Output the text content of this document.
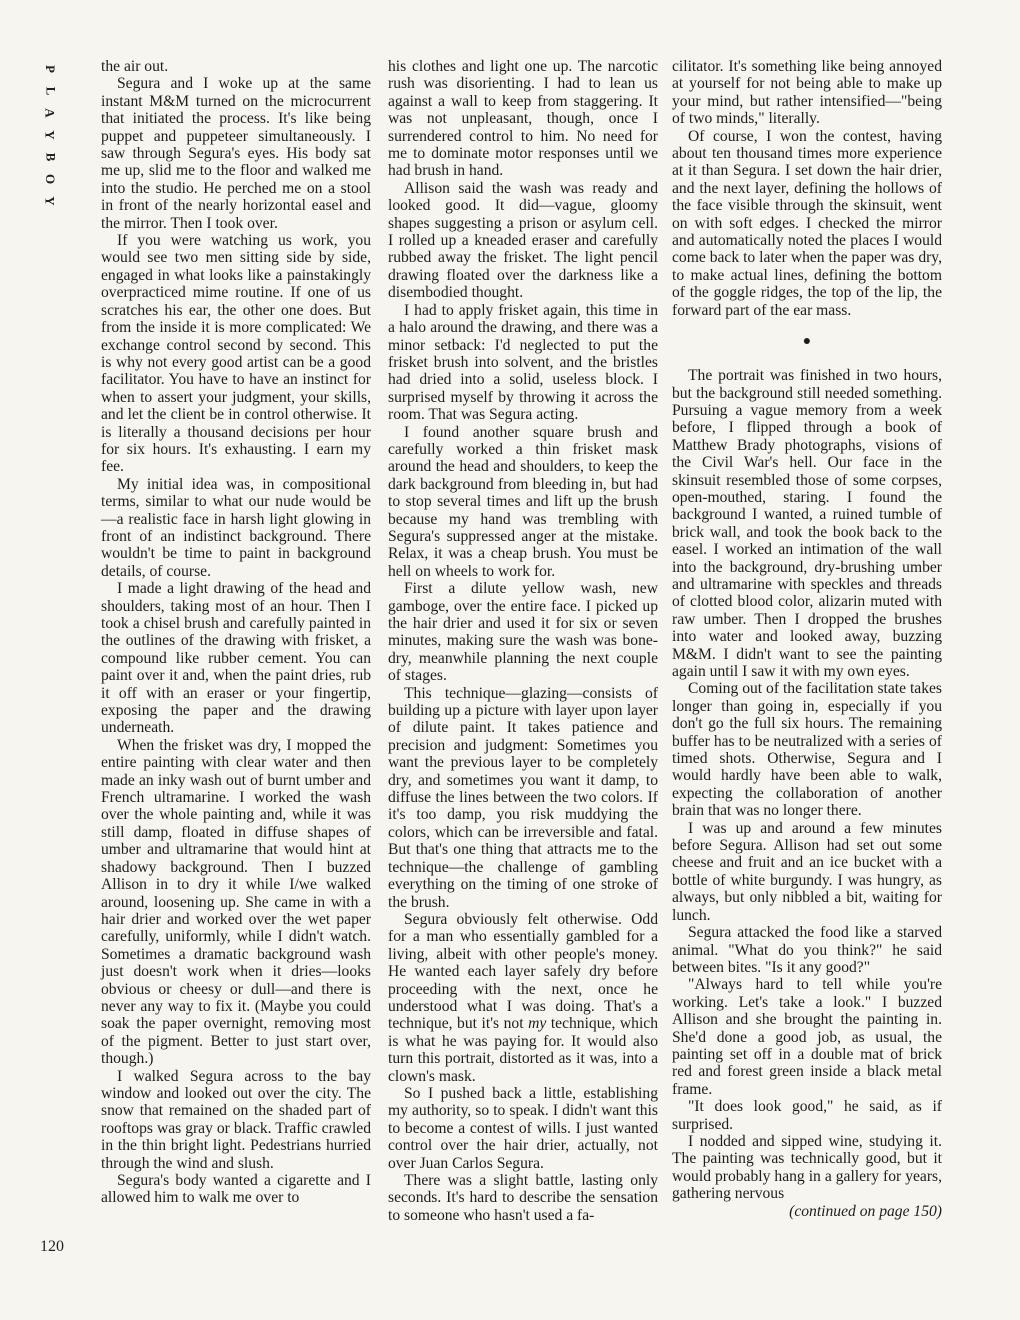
P
L
A
Y
B
O
Y
120

the air out.

Segura and I woke up at the same instant M&M turned on the microcurrent that initiated the process. It's like being puppet and puppeteer simultaneously. I saw through Segura's eyes. His body sat me up, slid me to the floor and walked me into the studio. He perched me on a stool in front of the nearly horizontal easel and the mirror. Then I took over.

If you were watching us work, you would see two men sitting side by side, engaged in what looks like a painstakingly overpracticed mime routine. If one of us scratches his ear, the other one does. But from the inside it is more complicated: We exchange control second by second. This is why not every good artist can be a good facilitator. You have to have an instinct for when to assert your judgment, your skills, and let the client be in control otherwise. It is literally a thousand decisions per hour for six hours. It's exhausting. I earn my fee.

My initial idea was, in compositional terms, similar to what our nude would be—a realistic face in harsh light glowing in front of an indistinct background. There wouldn't be time to paint in background details, of course.

I made a light drawing of the head and shoulders, taking most of an hour. Then I took a chisel brush and carefully painted in the outlines of the drawing with frisket, a compound like rubber cement. You can paint over it and, when the paint dries, rub it off with an eraser or your fingertip, exposing the paper and the drawing underneath.

When the frisket was dry, I mopped the entire painting with clear water and then made an inky wash out of burnt umber and French ultramarine. I worked the wash over the whole painting and, while it was still damp, floated in diffuse shapes of umber and ultramarine that would hint at shadowy background. Then I buzzed Allison in to dry it while I/we walked around, loosening up. She came in with a hair drier and worked over the wet paper carefully, uniformly, while I didn't watch. Sometimes a dramatic background wash just doesn't work when it dries—looks obvious or cheesy or dull—and there is never any way to fix it. (Maybe you could soak the paper overnight, removing most of the pigment. Better to just start over, though.)

I walked Segura across to the bay window and looked out over the city. The snow that remained on the shaded part of rooftops was gray or black. Traffic crawled in the thin bright light. Pedestrians hurried through the wind and slush.

Segura's body wanted a cigarette and I allowed him to walk me over to

his clothes and light one up. The narcotic rush was disorienting. I had to lean us against a wall to keep from staggering. It was not unpleasant, though, once I surrendered control to him. No need for me to dominate motor responses until we had brush in hand.

Allison said the wash was ready and looked good. It did—vague, gloomy shapes suggesting a prison or asylum cell. I rolled up a kneaded eraser and carefully rubbed away the frisket. The light pencil drawing floated over the darkness like a disembodied thought.

I had to apply frisket again, this time in a halo around the drawing, and there was a minor setback: I'd neglected to put the frisket brush into solvent, and the bristles had dried into a solid, useless block. I surprised myself by throwing it across the room. That was Segura acting.

I found another square brush and carefully worked a thin frisket mask around the head and shoulders, to keep the dark background from bleeding in, but had to stop several times and lift up the brush because my hand was trembling with Segura's suppressed anger at the mistake. Relax, it was a cheap brush. You must be hell on wheels to work for.

First a dilute yellow wash, new gamboge, over the entire face. I picked up the hair drier and used it for six or seven minutes, making sure the wash was bone-dry, meanwhile planning the next couple of stages.

This technique—glazing—consists of building up a picture with layer upon layer of dilute paint. It takes patience and precision and judgment: Sometimes you want the previous layer to be completely dry, and sometimes you want it damp, to diffuse the lines between the two colors. If it's too damp, you risk muddying the colors, which can be irreversible and fatal. But that's one thing that attracts me to the technique—the challenge of gambling everything on the timing of one stroke of the brush.

Segura obviously felt otherwise. Odd for a man who essentially gambled for a living, albeit with other people's money. He wanted each layer safely dry before proceeding with the next, once he understood what I was doing. That's a technique, but it's not my technique, which is what he was paying for. It would also turn this portrait, distorted as it was, into a clown's mask.

So I pushed back a little, establishing my authority, so to speak. I didn't want this to become a contest of wills. I just wanted control over the hair drier, actually, not over Juan Carlos Segura.

There was a slight battle, lasting only seconds. It's hard to describe the sensation to someone who hasn't used a fa-

cilitator. It's something like being annoyed at yourself for not being able to make up your mind, but rather intensified—"being of two minds," literally.

Of course, I won the contest, having about ten thousand times more experience at it than Segura. I set down the hair drier, and the next layer, defining the hollows of the face visible through the skinsuit, went on with soft edges. I checked the mirror and automatically noted the places I would come back to later when the paper was dry, to make actual lines, defining the bottom of the goggle ridges, the top of the lip, the forward part of the ear mass.

●

The portrait was finished in two hours, but the background still needed something. Pursuing a vague memory from a week before, I flipped through a book of Matthew Brady photographs, visions of the Civil War's hell. Our face in the skinsuit resembled those of some corpses, open-mouthed, staring. I found the background I wanted, a ruined tumble of brick wall, and took the book back to the easel. I worked an intimation of the wall into the background, dry-brushing umber and ultramarine with speckles and threads of clotted blood color, alizarin muted with raw umber. Then I dropped the brushes into water and looked away, buzzing M&M. I didn't want to see the painting again until I saw it with my own eyes.

Coming out of the facilitation state takes longer than going in, especially if you don't go the full six hours. The remaining buffer has to be neutralized with a series of timed shots. Otherwise, Segura and I would hardly have been able to walk, expecting the collaboration of another brain that was no longer there.

I was up and around a few minutes before Segura. Allison had set out some cheese and fruit and an ice bucket with a bottle of white burgundy. I was hungry, as always, but only nibbled a bit, waiting for lunch.

Segura attacked the food like a starved animal. "What do you think?" he said between bites. "Is it any good?"

"Always hard to tell while you're working. Let's take a look." I buzzed Allison and she brought the painting in. She'd done a good job, as usual, the painting set off in a double mat of brick red and forest green inside a black metal frame.

"It does look good," he said, as if surprised.

I nodded and sipped wine, studying it. The painting was technically good, but it would probably hang in a gallery for years, gathering nervous

(continued on page 150)
